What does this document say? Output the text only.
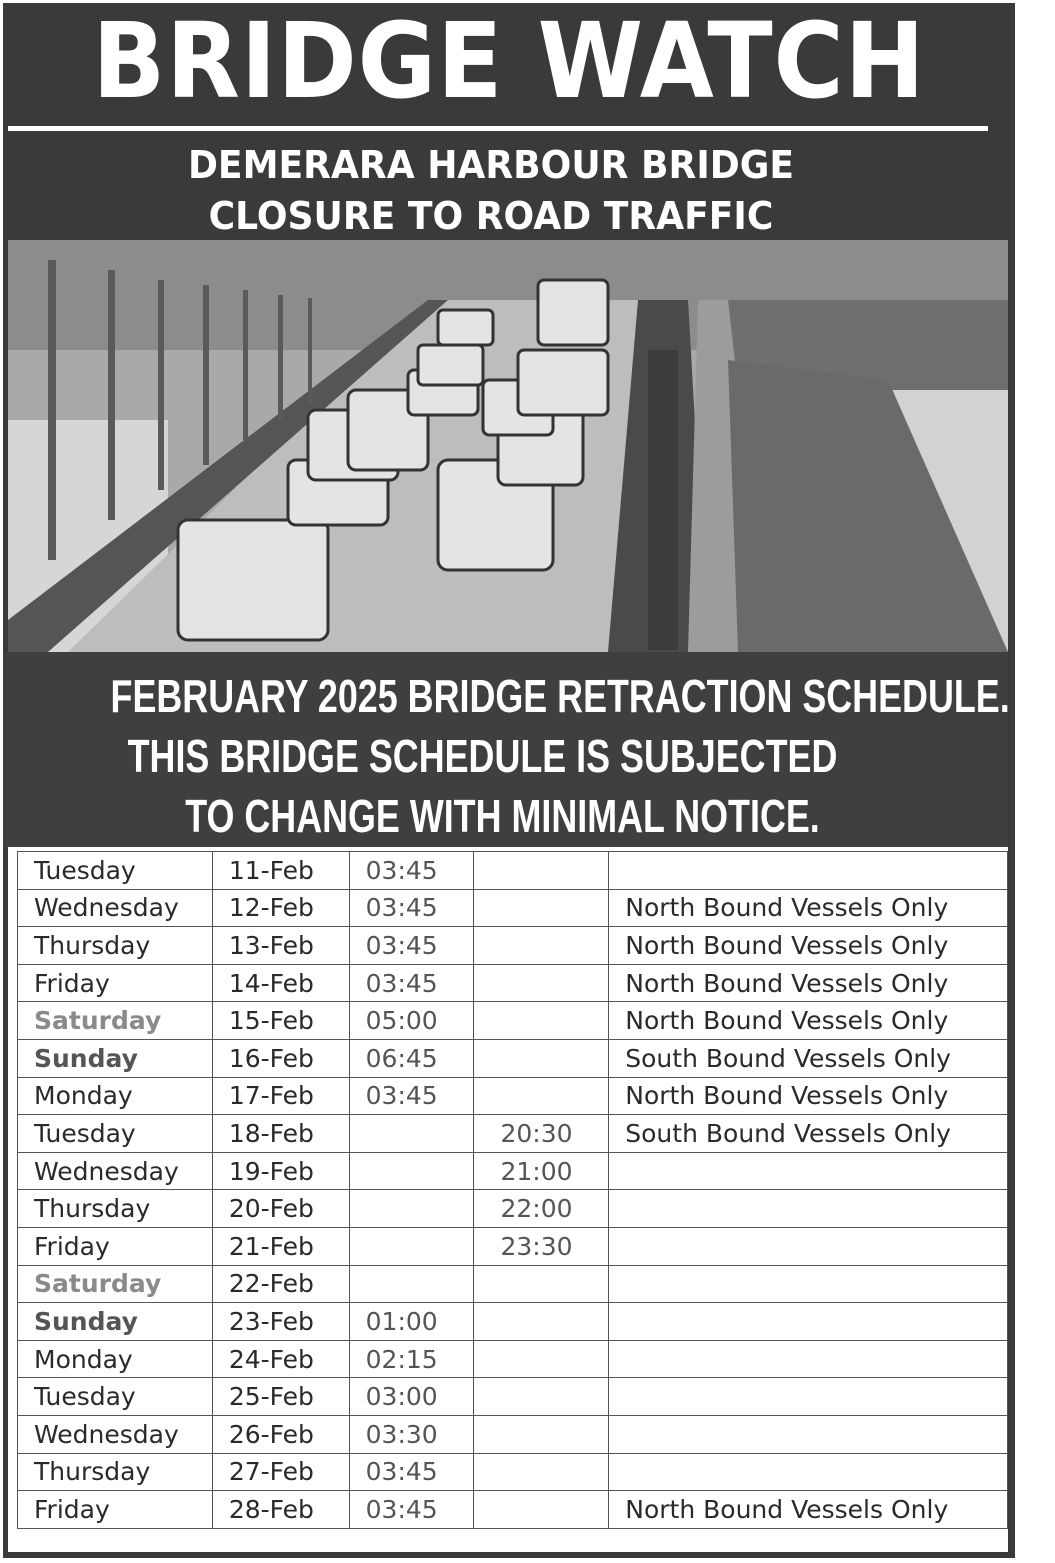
BRIDGE WATCH
DEMERARA HARBOUR BRIDGE
CLOSURE TO ROAD TRAFFIC
FEBRUARY 2025 BRIDGE RETRACTION SCHEDULE.
THIS BRIDGE SCHEDULE IS SUBJECTED
TO CHANGE WITH MINIMAL NOTICE.
Tuesday	11-Feb	03:45		
Wednesday	12-Feb	03:45		North Bound Vessels Only
Thursday	13-Feb	03:45		North Bound Vessels Only
Friday	14-Feb	03:45		North Bound Vessels Only
Saturday	15-Feb	05:00		North Bound Vessels Only
Sunday	16-Feb	06:45		South Bound Vessels Only
Monday	17-Feb	03:45		North Bound Vessels Only
Tuesday	18-Feb		20:30	South Bound Vessels Only
Wednesday	19-Feb		21:00	
Thursday	20-Feb		22:00	
Friday	21-Feb		23:30	
Saturday	22-Feb			
Sunday	23-Feb	01:00		
Monday	24-Feb	02:15		
Tuesday	25-Feb	03:00		
Wednesday	26-Feb	03:30		
Thursday	27-Feb	03:45		
Friday	28-Feb	03:45		North Bound Vessels Only
